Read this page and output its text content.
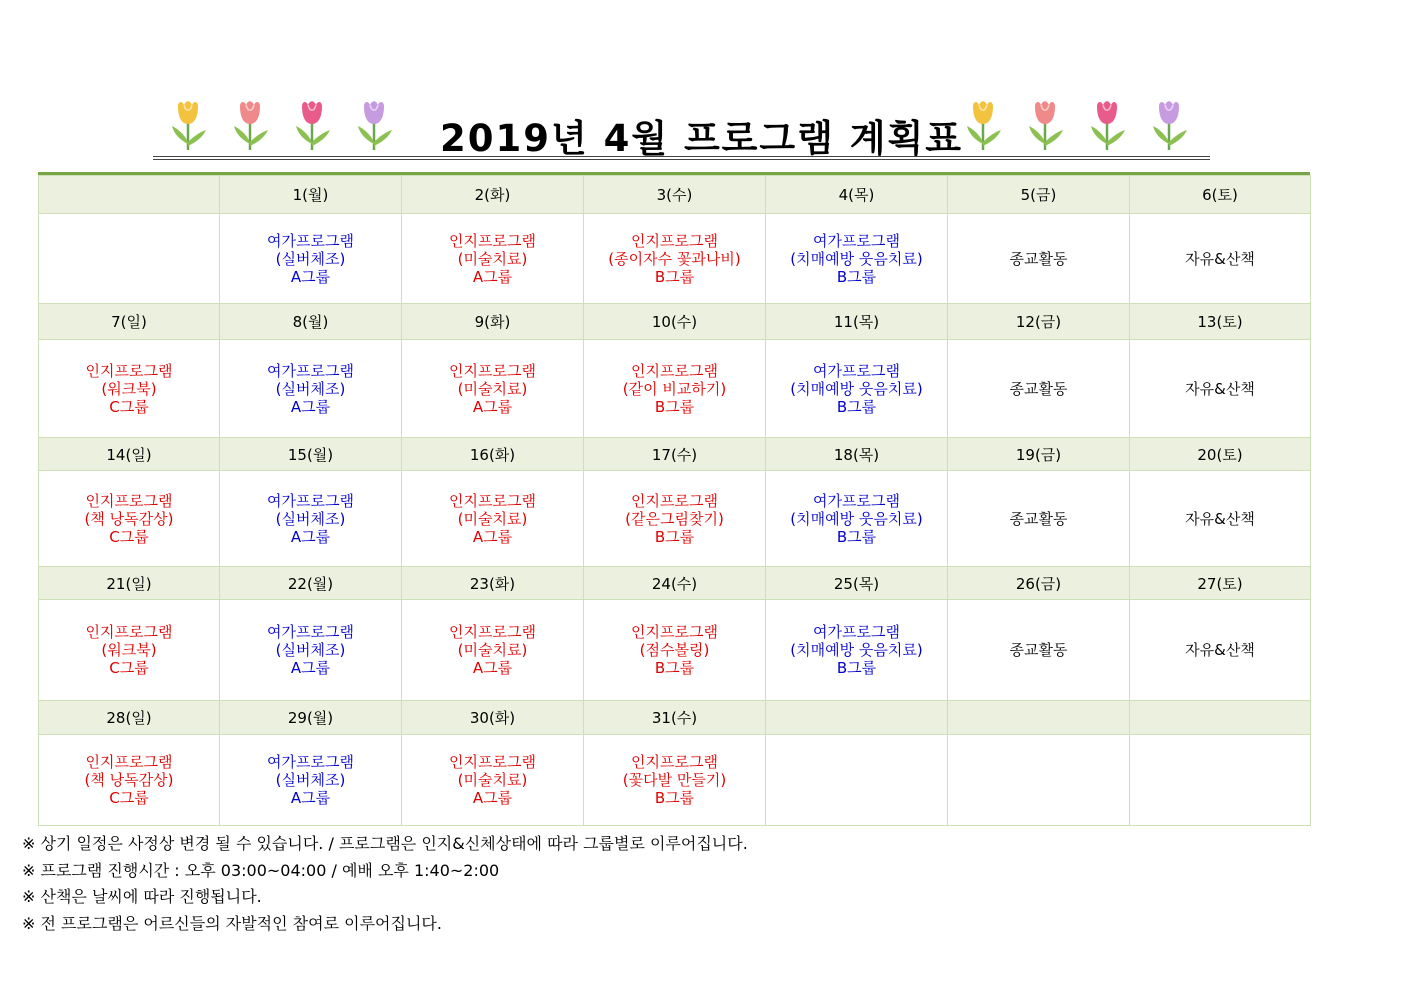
2019년 4월 프로그램 계획표
	1(월)	2(화)	3(수)	4(목)	5(금)	6(토)

	여가프로그램
(실버체조)
A그룹	인지프로그램
(미술치료)
A그룹	인지프로그램
(종이자수 꽃과나비)
B그룹	여가프로그램
(치매예방 웃음치료)
B그룹	종교활동	자유&산책

7(일)	8(월)	9(화)	10(수)	11(목)	12(금)	13(토)

인지프로그램
(워크북)
C그룹	여가프로그램
(실버체조)
A그룹	인지프로그램
(미술치료)
A그룹	인지프로그램
(같이 비교하기)
B그룹	여가프로그램
(치매예방 웃음치료)
B그룹	종교활동	자유&산책

14(일)	15(월)	16(화)	17(수)	18(목)	19(금)	20(토)

인지프로그램
(책 낭독감상)
C그룹	여가프로그램
(실버체조)
A그룹	인지프로그램
(미술치료)
A그룹	인지프로그램
(같은그림찾기)
B그룹	여가프로그램
(치매예방 웃음치료)
B그룹	종교활동	자유&산책

21(일)	22(월)	23(화)	24(수)	25(목)	26(금)	27(토)

인지프로그램
(워크북)
C그룹	여가프로그램
(실버체조)
A그룹	인지프로그램
(미술치료)
A그룹	인지프로그램
(점수볼링)
B그룹	여가프로그램
(치매예방 웃음치료)
B그룹	종교활동	자유&산책

28(일)	29(월)	30(화)	31(수)			

인지프로그램
(책 낭독감상)
C그룹	여가프로그램
(실버체조)
A그룹	인지프로그램
(미술치료)
A그룹	인지프로그램
(꽃다발 만들기)
B그룹			

※ 상기 일정은 사정상 변경 될 수 있습니다. / 프로그램은 인지&신체상태에 따라 그룹별로 이루어집니다.
※ 프로그램 진행시간 : 오후 03:00~04:00 / 예배 오후 1:40~2:00
※ 산책은 날씨에 따라 진행됩니다.
※ 전 프로그램은 어르신들의 자발적인 참여로 이루어집니다.
